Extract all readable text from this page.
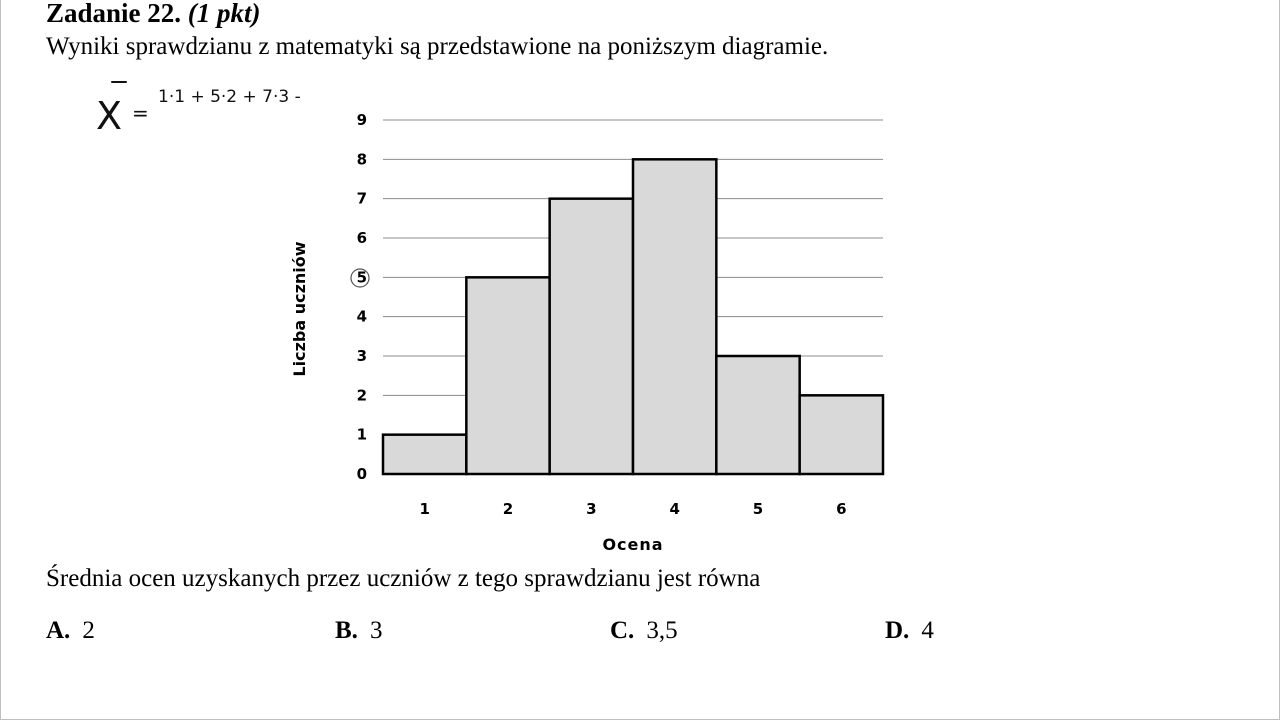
Zadanie 22. (1 pkt)
Wyniki sprawdzianu z matematyki są przedstawione na poniższym diagramie.
X =
1·1 + 5·2 + 7·3 -
0
1
2
3
4
5
6
7
8
9
1	2	3	4	5	6
Ocena
Liczba uczniów
Średnia ocen uzyskanych przez uczniów z tego sprawdzianu jest równa
A. 2	B. 3	C. 3,5	D. 4
